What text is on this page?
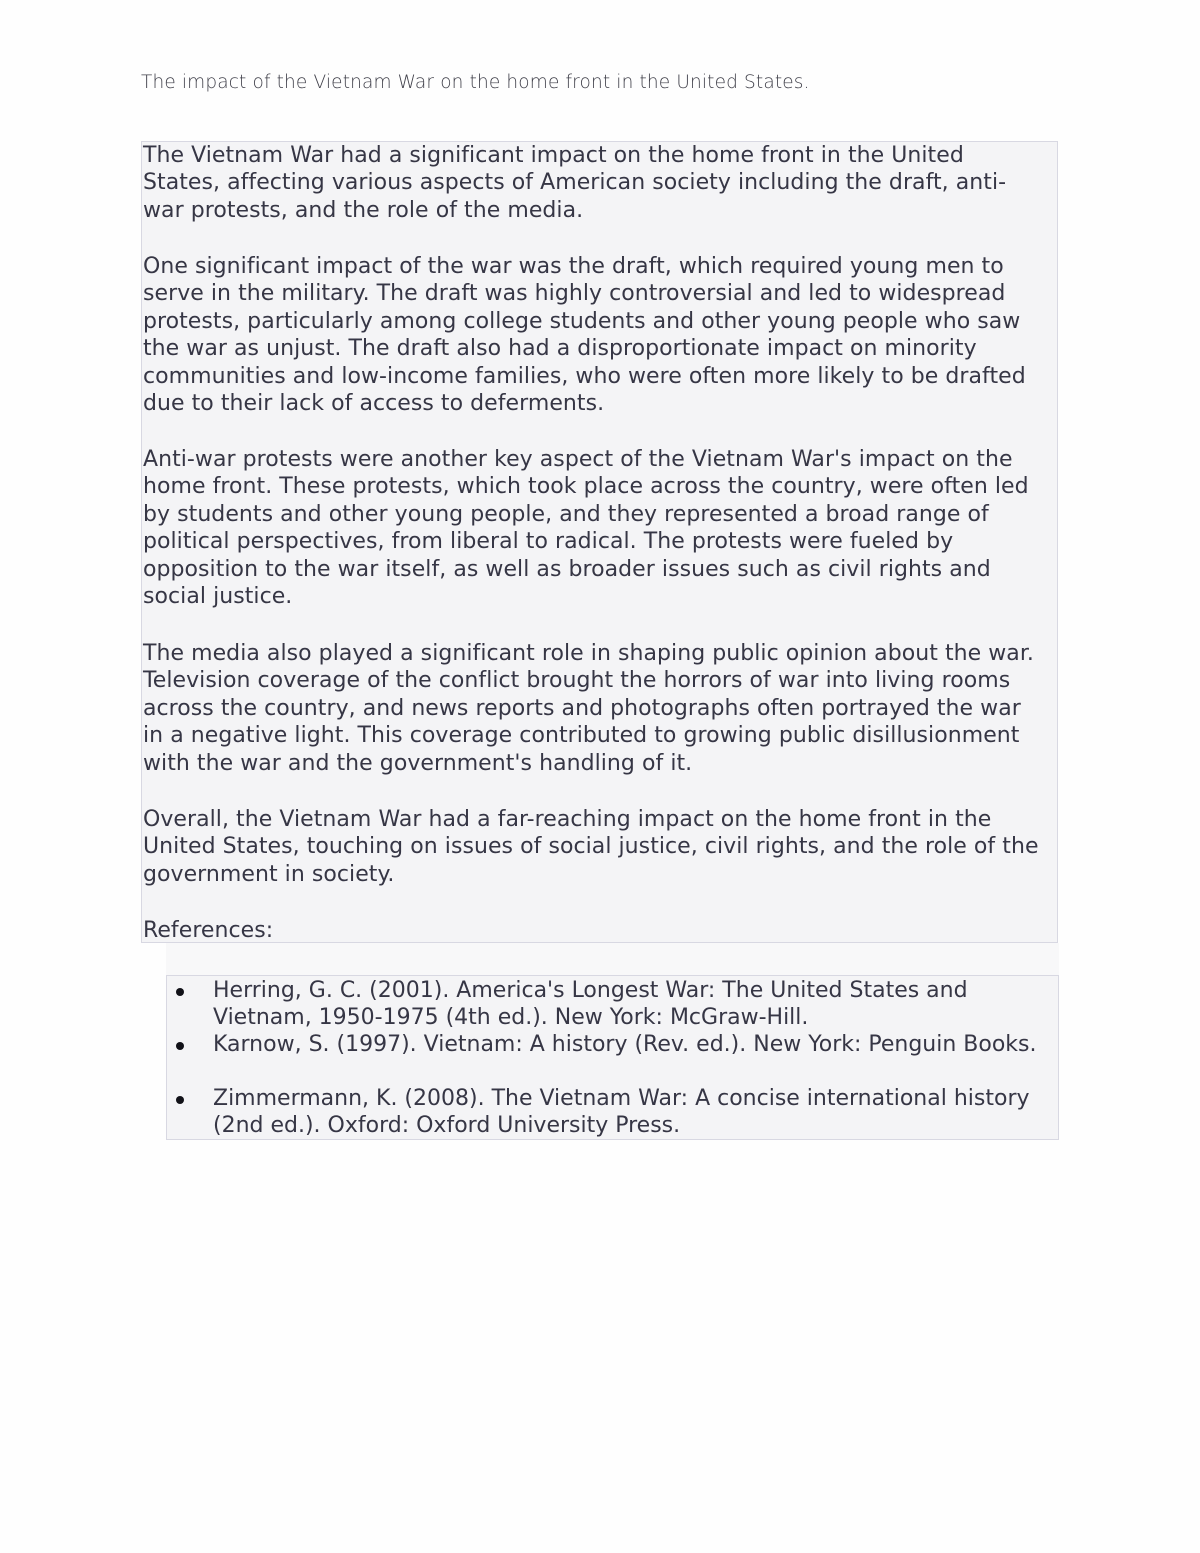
The impact of the Vietnam War on the home front in the United States.

The Vietnam War had a significant impact on the home front in the United States, affecting various aspects of American society including the draft, anti-war protests, and the role of the media.

One significant impact of the war was the draft, which required young men to serve in the military. The draft was highly controversial and led to widespread protests, particularly among college students and other young people who saw the war as unjust. The draft also had a disproportionate impact on minority communities and low-income families, who were often more likely to be drafted due to their lack of access to deferments.

Anti-war protests were another key aspect of the Vietnam War's impact on the home front. These protests, which took place across the country, were often led by students and other young people, and they represented a broad range of political perspectives, from liberal to radical. The protests were fueled by opposition to the war itself, as well as broader issues such as civil rights and social justice.

The media also played a significant role in shaping public opinion about the war. Television coverage of the conflict brought the horrors of war into living rooms across the country, and news reports and photographs often portrayed the war in a negative light. This coverage contributed to growing public disillusionment with the war and the government's handling of it.

Overall, the Vietnam War had a far-reaching impact on the home front in the United States, touching on issues of social justice, civil rights, and the role of the government in society.

References:

Herring, G. C. (2001). America's Longest War: The United States and Vietnam, 1950-1975 (4th ed.). New York: McGraw-Hill.
Karnow, S. (1997). Vietnam: A history (Rev. ed.). New York: Penguin Books.
Zimmermann, K. (2008). The Vietnam War: A concise international history (2nd ed.). Oxford: Oxford University Press.
